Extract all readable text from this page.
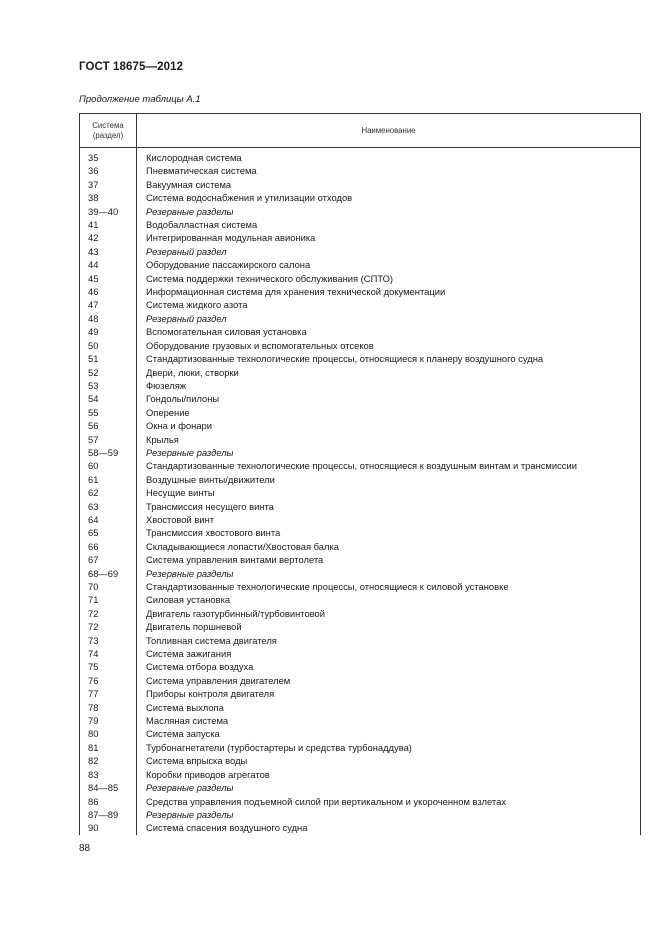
ГОСТ 18675—2012
Продолжение таблицы А.1
Система
(раздел)	Наименование
35	Кислородная система
36	Пневматическая система
37	Вакуумная система
38	Система водоснабжения и утилизации отходов
39—40	Резервные разделы
41	Водобалластная система
42	Интегрированная модульная авионика
43	Резервный раздел
44	Оборудование пассажирского салона
45	Система поддержки технического обслуживания (СПТО)
46	Информационная система для хранения технической документации
47	Система жидкого азота
48	Резервный раздел
49	Вспомогательная силовая установка
50	Оборудование грузовых и вспомогательных отсеков
51	Стандартизованные технологические процессы, относящиеся к планеру воздушного судна
52	Двери, люки, створки
53	Фюзеляж
54	Гондолы/пилоны
55	Оперение
56	Окна и фонари
57	Крылья
58—59	Резервные разделы
60	Стандартизованные технологические процессы, относящиеся к воздушным винтам и трансмиссии
61	Воздушные винты/движители
62	Несущие винты
63	Трансмиссия несущего винта
64	Хвостовой винт
65	Трансмиссия хвостового винта
66	Складывающиеся лопасти/Хвостовая балка
67	Система управления винтами вертолета
68—69	Резервные разделы
70	Стандартизованные технологические процессы, относящиеся к силовой установке
71	Силовая установка
72	Двигатель газотурбинный/турбовинтовой
72	Двигатель поршневой
73	Топливная система двигателя
74	Система зажигания
75	Система отбора воздуха
76	Система управления двигателем
77	Приборы контроля двигателя
78	Система выхлопа
79	Масляная система
80	Система запуска
81	Турбонагнетатели (турбостартеры и средства турбонаддува)
82	Система впрыска воды
83	Коробки приводов агрегатов
84—85	Резервные разделы
86	Средства управления подъемной силой при вертикальном и укороченном взлетах
87—89	Резервные разделы
90	Система спасения воздушного судна
88
